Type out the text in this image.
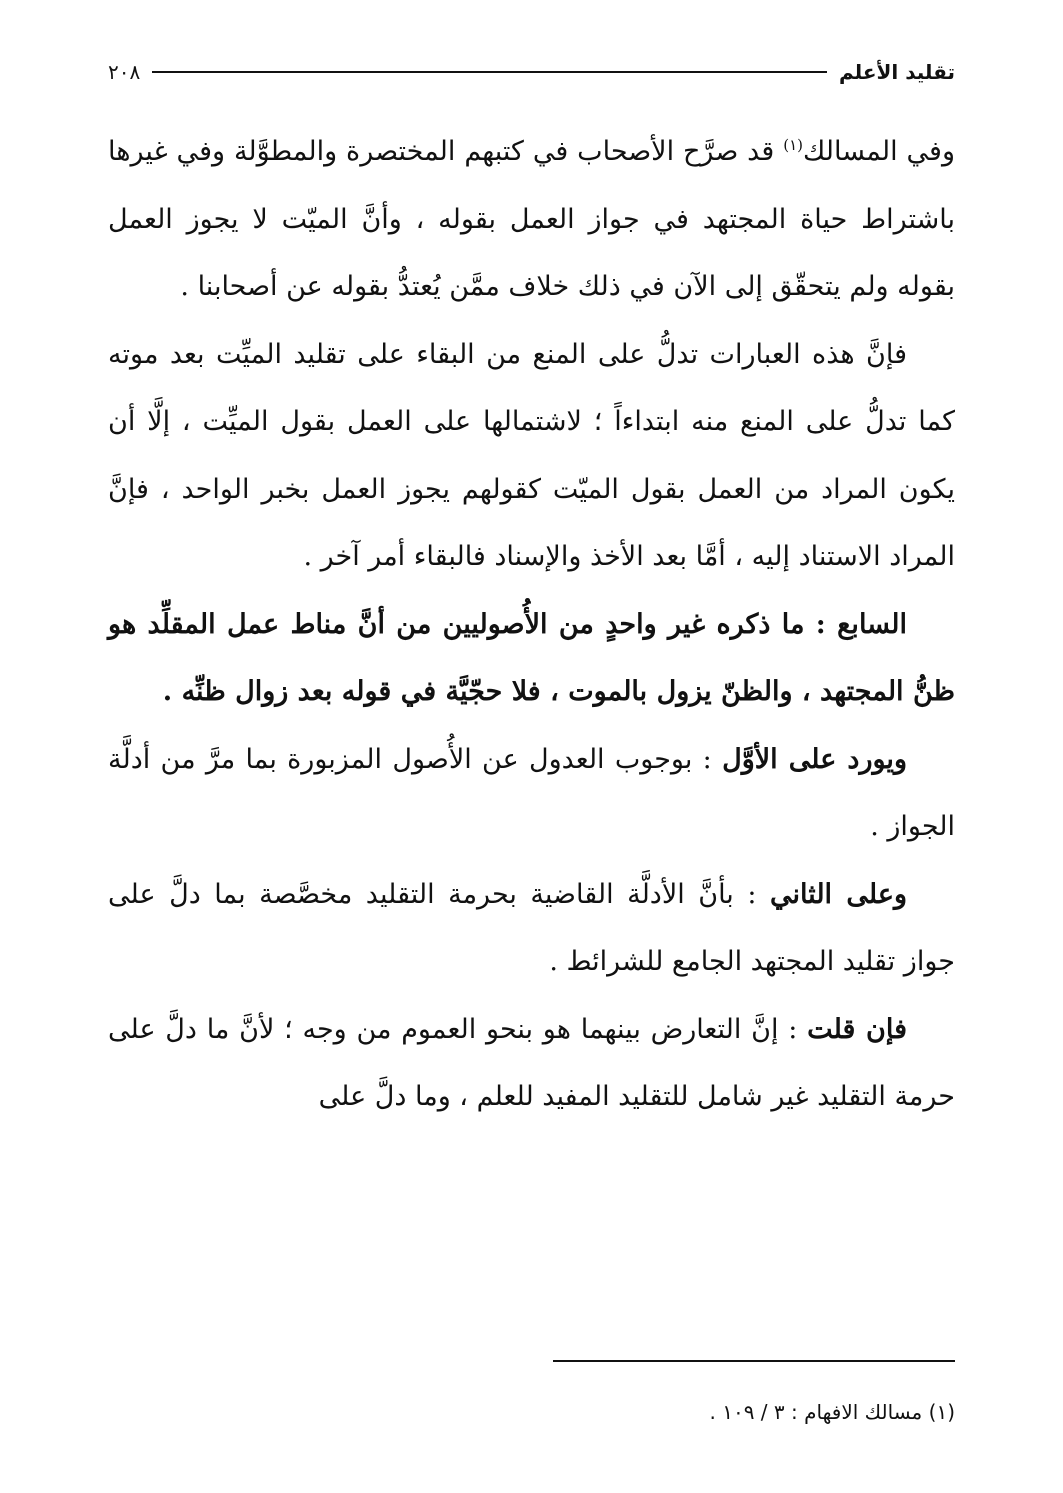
تقليد الأعلم
٢٠٨

وفي المسالك$^{(١)}$ قد صرَّح الأصحاب في كتبهم المختصرة والمطوَّلة وفي غيرها باشتراط حياة المجتهد في جواز العمل بقوله ، وأنَّ الميّت لا يجوز العمل بقوله ولم يتحقّق إلى الآن في ذلك خلاف ممَّن يُعتدُّ بقوله عن أصحابنا .

فإنَّ هذه العبارات تدلُّ على المنع من البقاء على تقليد الميِّت بعد موته كما تدلُّ على المنع منه ابتداءاً ؛ لاشتمالها على العمل بقول الميِّت ، إلَّا أن يكون المراد من العمل بقول الميّت كقولهم يجوز العمل بخبر الواحد ، فإنَّ المراد الاستناد إليه ، أمَّا بعد الأخذ والإسناد فالبقاء أمر آخر .

السابع : ما ذكره غير واحدٍ من الأُصوليين من أنَّ مناط عمل المقلِّد هو ظنُّ المجتهد ، والظنّ يزول بالموت ، فلا حجّيَّة في قوله بعد زوال ظنِّه .

ويورد على الأوَّل : بوجوب العدول عن الأُصول المزبورة بما مرَّ من أدلَّة الجواز .

وعلى الثاني : بأنَّ الأدلَّة القاضية بحرمة التقليد مخصَّصة بما دلَّ على جواز تقليد المجتهد الجامع للشرائط .

فإن قلت : إنَّ التعارض بينهما هو بنحو العموم من وجه ؛ لأنَّ ما دلَّ على حرمة التقليد غير شامل للتقليد المفيد للعلم ، وما دلَّ على

(١) مسالك الافهام : ٣ / ١٠٩ .
